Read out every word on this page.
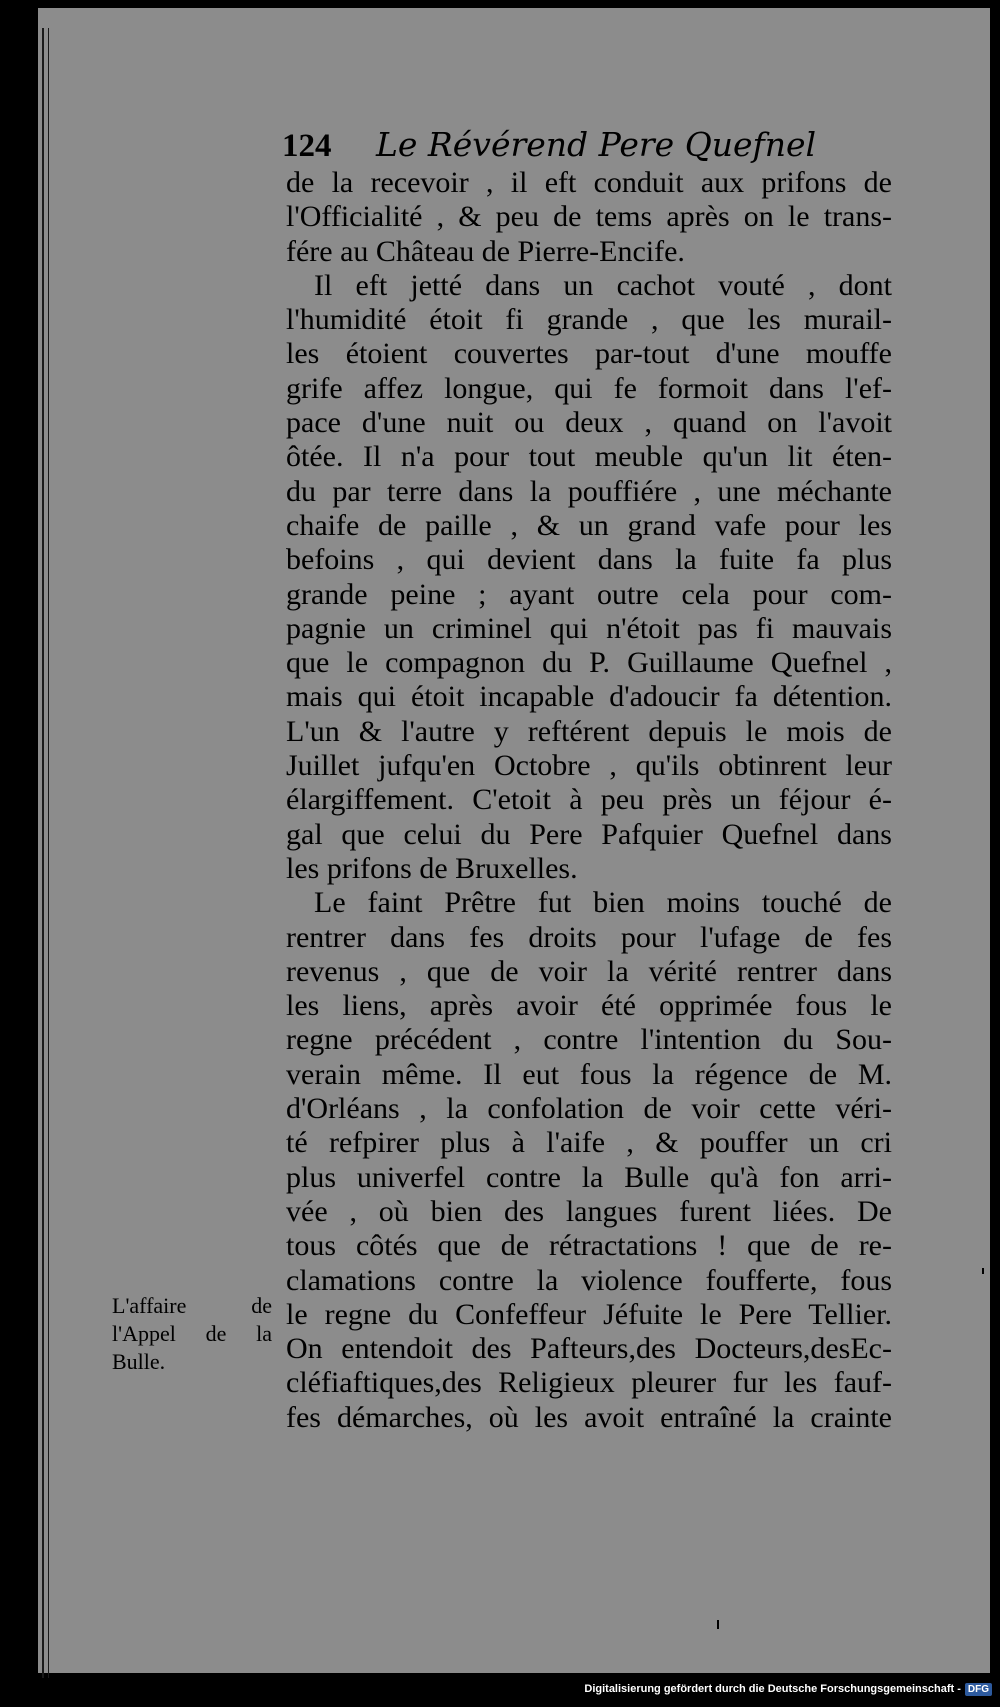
124 Le Révérend Pere Quefnel
de la recevoir , il eft conduit aux prifons de
l'Officialité , & peu de tems après on le trans-
fére au Château de Pierre-Encife.
Il eft jetté dans un cachot vouté , dont
l'humidité étoit fi grande , que les murail-
les étoient couvertes par-tout d'une mouffe
grife affez longue, qui fe formoit dans l'ef-
pace d'une nuit ou deux , quand on l'avoit
ôtée. Il n'a pour tout meuble qu'un lit éten-
du par terre dans la pouffiére , une méchante
chaife de paille , & un grand vafe pour les
befoins , qui devient dans la fuite fa plus
grande peine ; ayant outre cela pour com-
pagnie un criminel qui n'étoit pas fi mauvais
que le compagnon du P. Guillaume Quefnel ,
mais qui étoit incapable d'adoucir fa détention.
L'un & l'autre y reftérent depuis le mois de
Juillet jufqu'en Octobre , qu'ils obtinrent leur
élargiffement. C'etoit à peu près un féjour é-
gal que celui du Pere Pafquier Quefnel dans
les prifons de Bruxelles.
Le faint Prêtre fut bien moins touché de
rentrer dans fes droits pour l'ufage de fes
revenus , que de voir la vérité rentrer dans
les liens, après avoir été opprimée fous le
regne précédent , contre l'intention du Sou-
verain même. Il eut fous la régence de M.
d'Orléans , la confolation de voir cette véri-
té refpirer plus à l'aife , & pouffer un cri
plus univerfel contre la Bulle qu'à fon arri-
vée , où bien des langues furent liées. De
tous côtés que de rétractations ! que de re-
clamations contre la violence foufferte, fous
le regne du Confeffeur Jéfuite le Pere Tellier.
On entendoit des Pafteurs,des Docteurs,desEc-
cléfiaftiques,des Religieux pleurer fur les fauf-
fes démarches, où les avoit entraîné la crainte
L'affaire de
l'Appel de la
Bulle.
Digitalisierung gefördert durch die Deutsche Forschungsgemeinschaft - DFG
